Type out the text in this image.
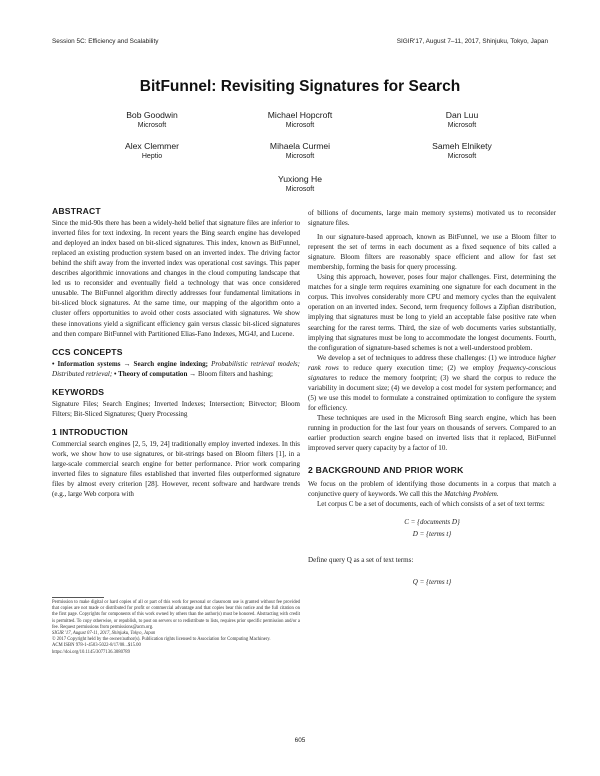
Session 5C: Efficiency and Scalability	SIGIR'17, August 7–11, 2017, Shinjuku, Tokyo, Japan
BitFunnel: Revisiting Signatures for Search
Bob Goodwin
Microsoft
Michael Hopcroft
Microsoft
Dan Luu
Microsoft
Alex Clemmer
Heptio
Mihaela Curmei
Microsoft
Sameh Elnikety
Microsoft
Yuxiong He
Microsoft
ABSTRACT

Since the mid-90s there has been a widely-held belief that signature files are inferior to inverted files for text indexing. In recent years the Bing search engine has developed and deployed an index based on bit-sliced signatures. This index, known as BitFunnel, replaced an existing production system based on an inverted index. The driving factor behind the shift away from the inverted index was operational cost savings. This paper describes algorithmic innovations and changes in the cloud computing landscape that led us to reconsider and eventually field a technology that was once considered unusable. The BitFunnel algorithm directly addresses four fundamental limitations in bit-sliced block signatures. At the same time, our mapping of the algorithm onto a cluster offers opportunities to avoid other costs associated with signatures. We show these innovations yield a significant efficiency gain versus classic bit-sliced signatures and then compare BitFunnel with Partitioned Elias-Fano Indexes, MG4J, and Lucene.

CCS CONCEPTS

• Information systems → Search engine indexing; Probabilistic retrieval models; Distributed retrieval; • Theory of computation → Bloom filters and hashing;

KEYWORDS

Signature Files; Search Engines; Inverted Indexes; Intersection; Bitvector; Bloom Filters; Bit-Sliced Signatures; Query Processing

1 INTRODUCTION

Commercial search engines [2, 5, 19, 24] traditionally employ inverted indexes. In this work, we show how to use signatures, or bit-strings based on Bloom filters [1], in a large-scale commercial search engine for better performance. Prior work comparing inverted files to signature files established that inverted files outperformed signature files by almost every criterion [28]. However, recent software and hardware trends (e.g., large Web corpora with

Permission to make digital or hard copies of all or part of this work for personal or classroom use is granted without fee provided that copies are not made or distributed for profit or commercial advantage and that copies bear this notice and the full citation on the first page. Copyrights for components of this work owned by others than the author(s) must be honored. Abstracting with credit is permitted. To copy otherwise, or republish, to post on servers or to redistribute to lists, requires prior specific permission and/or a fee. Request permissions from permissions@acm.org.

SIGIR '17, August 07-11, 2017, Shinjuku, Tokyo, Japan

© 2017 Copyright held by the owner/author(s). Publication rights licensed to Association for Computing Machinery.

ACM ISBN 978-1-4503-5022-8/17/08...$15.00

https://doi.org/10.1145/3077136.3080789

of billions of documents, large main memory systems) motivated us to reconsider signature files.

In our signature-based approach, known as BitFunnel, we use a Bloom filter to represent the set of terms in each document as a fixed sequence of bits called a signature. Bloom filters are reasonably space efficient and allow for fast set membership, forming the basis for query processing.

Using this approach, however, poses four major challenges. First, determining the matches for a single term requires examining one signature for each document in the corpus. This involves considerably more CPU and memory cycles than the equivalent operation on an inverted index. Second, term frequency follows a Zipfian distribution, implying that signatures must be long to yield an acceptable false positive rate when searching for the rarest terms. Third, the size of web documents varies substantially, implying that signatures must be long to accommodate the longest documents. Fourth, the configuration of signature-based schemes is not a well-understood problem.

We develop a set of techniques to address these challenges: (1) we introduce higher rank rows to reduce query execution time; (2) we employ frequency-conscious signatures to reduce the memory footprint; (3) we shard the corpus to reduce the variability in document size; (4) we develop a cost model for system performance; and (5) we use this model to formulate a constrained optimization to configure the system for efficiency.

These techniques are used in the Microsoft Bing search engine, which has been running in production for the last four years on thousands of servers. Compared to an earlier production search engine based on inverted lists that it replaced, BitFunnel improved server query capacity by a factor of 10.

2 BACKGROUND AND PRIOR WORK

We focus on the problem of identifying those documents in a corpus that match a conjunctive query of keywords. We call this the Matching Problem.

Let corpus C be a set of documents, each of which consists of a set of text terms:

C = {documents D}
D = {terms t}

Define query Q as a set of text terms:

Q = {terms t}
605
